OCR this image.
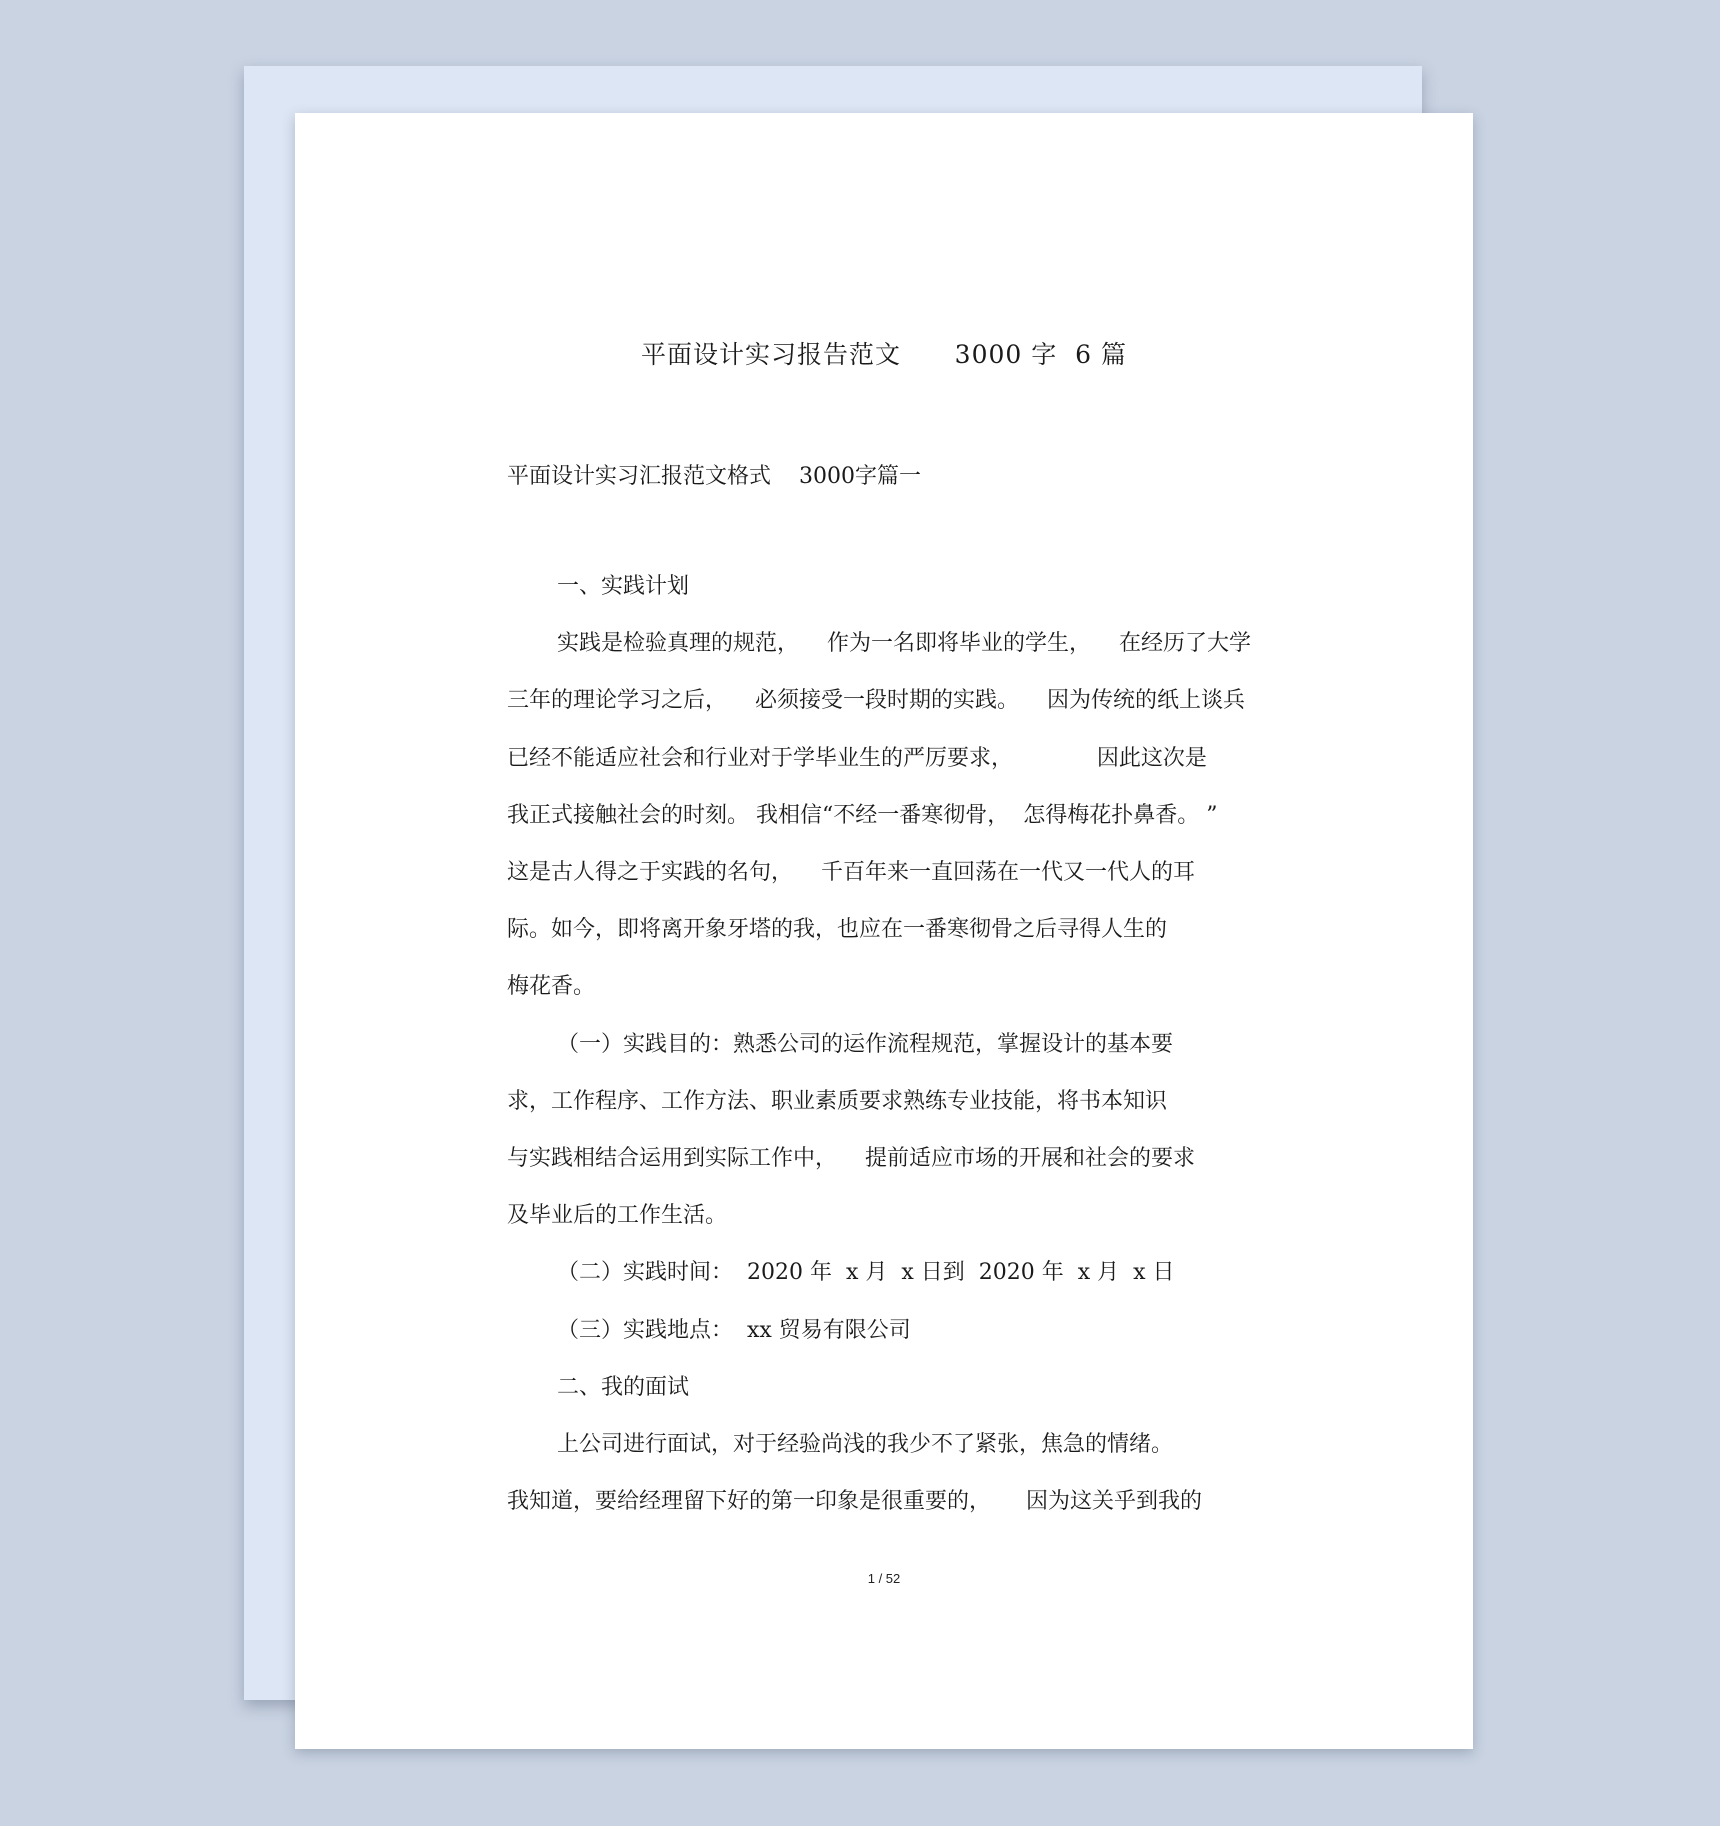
平面设计实习报告范文      3000 字  6 篇
平面设计实习汇报范文格式    3000字篇一
一、实践计划
实践是检验真理的规范，    作为一名即将毕业的学生，    在经历了大学
三年的理论学习之后，    必须接受一段时期的实践。    因为传统的纸上谈兵
已经不能适应社会和行业对于学毕业生的严厉要求，            因此这次是
我正式接触社会的时刻。 我相信“不经一番寒彻骨，  怎得梅花扑鼻香。 ”
这是古人得之于实践的名句，    千百年来一直回荡在一代又一代人的耳
际。如今，即将离开象牙塔的我，也应在一番寒彻骨之后寻得人生的
梅花香。
（一）实践目的：熟悉公司的运作流程规范，掌握设计的基本要
求，工作程序、工作方法、职业素质要求熟练专业技能，将书本知识
与实践相结合运用到实际工作中，    提前适应市场的开展和社会的要求
及毕业后的工作生活。
（二）实践时间：  2020 年  x 月  x 日到  2020 年  x 月  x 日
（三）实践地点：  xx 贸易有限公司
二、我的面试
上公司进行面试，对于经验尚浅的我少不了紧张，焦急的情绪。
我知道，要给经理留下好的第一印象是很重要的，     因为这关乎到我的
1 / 52
